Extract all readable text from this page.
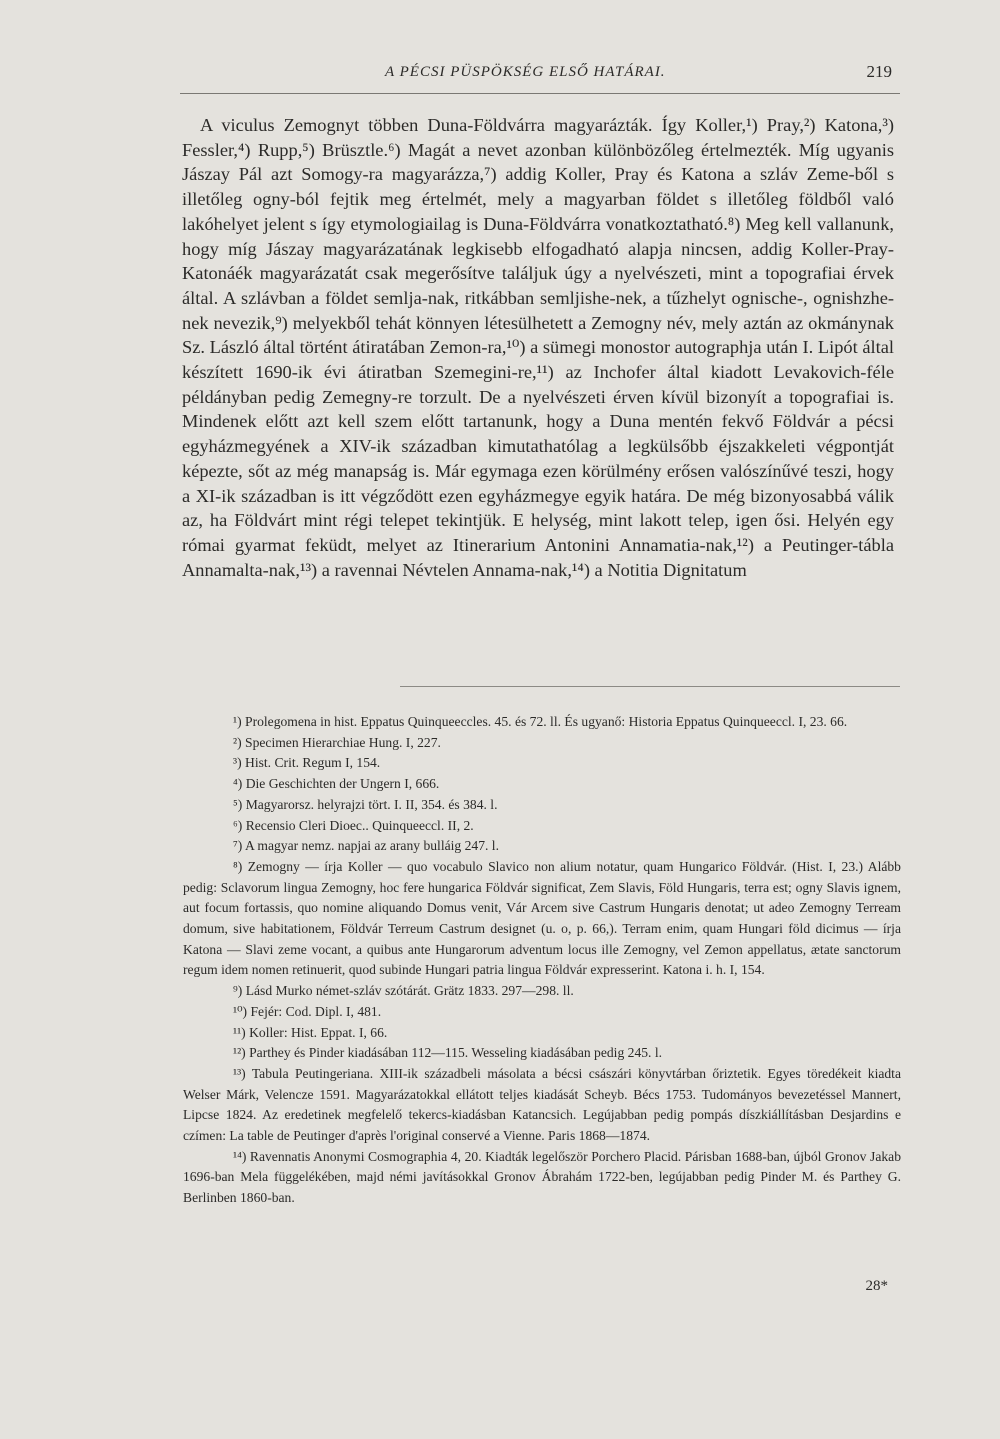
A PÉCSI PÜSPÖKSÉG ELSŐ HATÁRAI.	219

A viculus Zemognyt többen Duna-Földvárra magyarázták. Így Koller,¹) Pray,²) Katona,³) Fessler,⁴) Rupp,⁵) Brüsztle.⁶) Magát a nevet azonban különbözőleg értelmezték. Míg ugyanis Jászay Pál azt Somogy-ra magyarázza,⁷) addig Koller, Pray és Katona a szláv Zeme-ből s illetőleg ogny-ból fejtik meg értelmét, mely a magyarban földet s illetőleg földből való lakóhelyet jelent s így etymologiailag is Duna-Földvárra vonatkoztatható.⁸) Meg kell vallanunk, hogy míg Jászay magyarázatának legkisebb elfogadható alapja nincsen, addig Koller-Pray-Katonáék magyarázatát csak megerősítve találjuk úgy a nyelvészeti, mint a topografiai érvek által. A szlávban a földet semlja-nak, ritkábban semljishe-nek, a tűzhelyt ognische-, ognishzhe-nek nevezik,⁹) melyekből tehát könnyen létesülhetett a Zemogny név, mely aztán az okmánynak Sz. László által történt átiratában Zemon-ra,¹⁰) a sümegi monostor autographja után I. Lipót által készített 1690-ik évi átiratban Szemegini-re,¹¹) az Inchofer által kiadott Levakovich-féle példányban pedig Zemegny-re torzult. De a nyelvészeti érven kívül bizonyít a topografiai is. Mindenek előtt azt kell szem előtt tartanunk, hogy a Duna mentén fekvő Földvár a pécsi egyházmegyének a XIV-ik században kimutathatólag a legkülsőbb éjszakkeleti végpontját képezte, sőt az még manapság is. Már egymaga ezen körülmény erősen valószínűvé teszi, hogy a XI-ik században is itt végződött ezen egyházmegye egyik határa. De még bizonyosabbá válik az, ha Földvárt mint régi telepet tekintjük. E helység, mint lakott telep, igen ősi. Helyén egy római gyarmat feküdt, melyet az Itinerarium Antonini Annamatia-nak,¹²) a Peutinger-tábla Annamalta-nak,¹³) a ravennai Névtelen Annama-nak,¹⁴) a Notitia Dignitatum

¹) Prolegomena in hist. Eppatus Quinqueeccles. 45. és 72. ll. És ugyanő: Historia Eppatus Quinqueeccl. I, 23. 66.

²) Specimen Hierarchiae Hung. I, 227.

³) Hist. Crit. Regum I, 154.

⁴) Die Geschichten der Ungern I, 666.

⁵) Magyarorsz. helyrajzi tört. I. II, 354. és 384. l.

⁶) Recensio Cleri Dioec.. Quinqueeccl. II, 2.

⁷) A magyar nemz. napjai az arany bulláig 247. l.

⁸) Zemogny — írja Koller — quo vocabulo Slavico non alium notatur, quam Hungarico Földvár. (Hist. I, 23.) Alább pedig: Sclavorum lingua Zemogny, hoc fere hungarica Földvár significat, Zem Slavis, Föld Hungaris, terra est; ogny Slavis ignem, aut focum fortassis, quo nomine aliquando Domus venit, Vár Arcem sive Castrum Hungaris denotat; ut adeo Zemogny Terream domum, sive habitationem, Földvár Terreum Castrum designet (u. o, p. 66,). Terram enim, quam Hungari föld dicimus — írja Katona — Slavi zeme vocant, a quibus ante Hungarorum adventum locus ille Zemogny, vel Zemon appellatus, ætate sanctorum regum idem nomen retinuerit, quod subinde Hungari patria lingua Földvár expresserint. Katona i. h. I, 154.

⁹) Lásd Murko német-szláv szótárát. Grätz 1833. 297—298. ll.

¹⁰) Fejér: Cod. Dipl. I, 481.

¹¹) Koller: Hist. Eppat. I, 66.

¹²) Parthey és Pinder kiadásában 112—115. Wesseling kiadásában pedig 245. l.

¹³) Tabula Peutingeriana. XIII-ik századbeli másolata a bécsi császári könyvtárban őriztetik. Egyes töredékeit kiadta Welser Márk, Velencze 1591. Magyarázatokkal ellátott teljes kiadását Scheyb. Bécs 1753. Tudományos bevezetéssel Mannert, Lipcse 1824. Az eredetinek megfelelő tekercs-kiadásban Katancsich. Legújabban pedig pompás díszkiállításban Desjardins e czímen: La table de Peutinger d'après l'original conservé a Vienne. Paris 1868—1874.

¹⁴) Ravennatis Anonymi Cosmographia 4, 20. Kiadták legelőször Porchero Placid. Párisban 1688-ban, újból Gronov Jakab 1696-ban Mela függelékében, majd némi javításokkal Gronov Ábrahám 1722-ben, legújabban pedig Pinder M. és Parthey G. Berlinben 1860-ban.

28*
